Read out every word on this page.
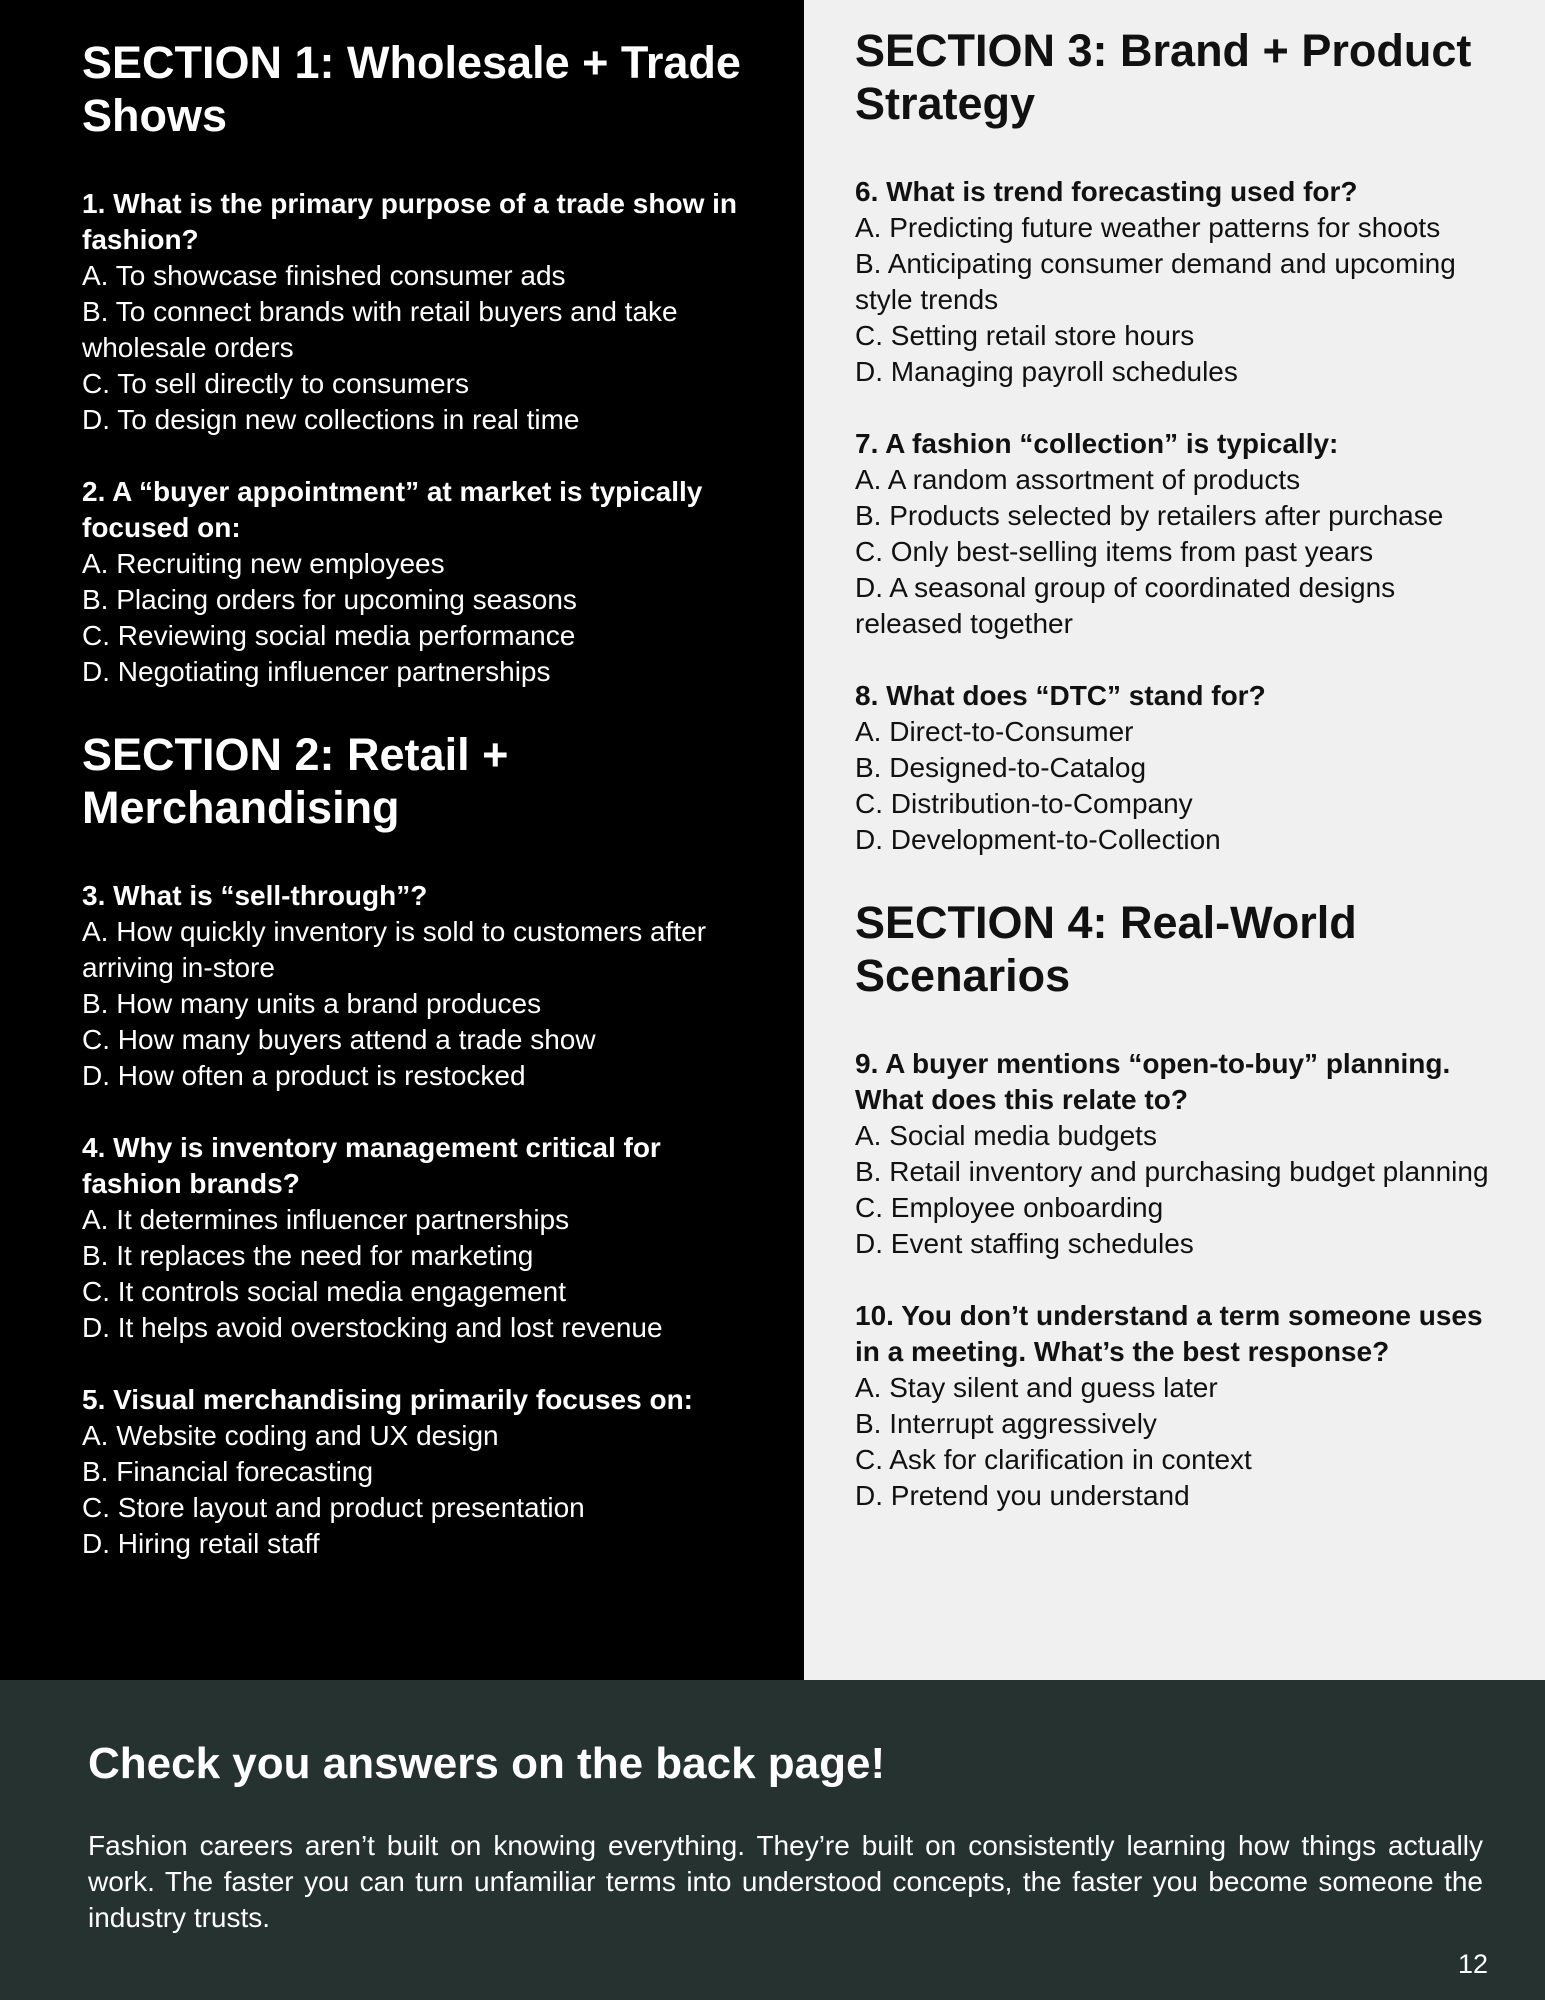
SECTION 1: Wholesale + Trade Shows
1. What is the primary purpose of a trade show in fashion?
A. To showcase finished consumer ads
B. To connect brands with retail buyers and take wholesale orders
C. To sell directly to consumers
D. To design new collections in real time
2. A “buyer appointment” at market is typically focused on:
A. Recruiting new employees
B. Placing orders for upcoming seasons
C. Reviewing social media performance
D. Negotiating influencer partnerships
SECTION 2: Retail + Merchandising
3. What is “sell-through”?
A. How quickly inventory is sold to customers after arriving in-store
B. How many units a brand produces
C. How many buyers attend a trade show
D. How often a product is restocked
4. Why is inventory management critical for fashion brands?
A. It determines influencer partnerships
B. It replaces the need for marketing
C. It controls social media engagement
D. It helps avoid overstocking and lost revenue
5. Visual merchandising primarily focuses on:
A. Website coding and UX design
B. Financial forecasting
C. Store layout and product presentation
D. Hiring retail staff
SECTION 3: Brand + Product Strategy
6. What is trend forecasting used for?
A. Predicting future weather patterns for shoots
B. Anticipating consumer demand and upcoming style trends
C. Setting retail store hours
D. Managing payroll schedules
7. A fashion “collection” is typically:
A. A random assortment of products
B. Products selected by retailers after purchase
C. Only best-selling items from past years
D. A seasonal group of coordinated designs released together
8. What does “DTC” stand for?
A. Direct-to-Consumer
B. Designed-to-Catalog
C. Distribution-to-Company
D. Development-to-Collection
SECTION 4: Real-World Scenarios
9. A buyer mentions “open-to-buy” planning. What does this relate to?
A. Social media budgets
B. Retail inventory and purchasing budget planning
C. Employee onboarding
D. Event staffing schedules
10. You don’t understand a term someone uses in a meeting. What’s the best response?
A. Stay silent and guess later
B. Interrupt aggressively
C. Ask for clarification in context
D. Pretend you understand
Check you answers on the back page!

Fashion careers aren’t built on knowing everything. They’re built on consistently learning how things actually work. The faster you can turn unfamiliar terms into understood concepts, the faster you become someone the industry trusts.

12
